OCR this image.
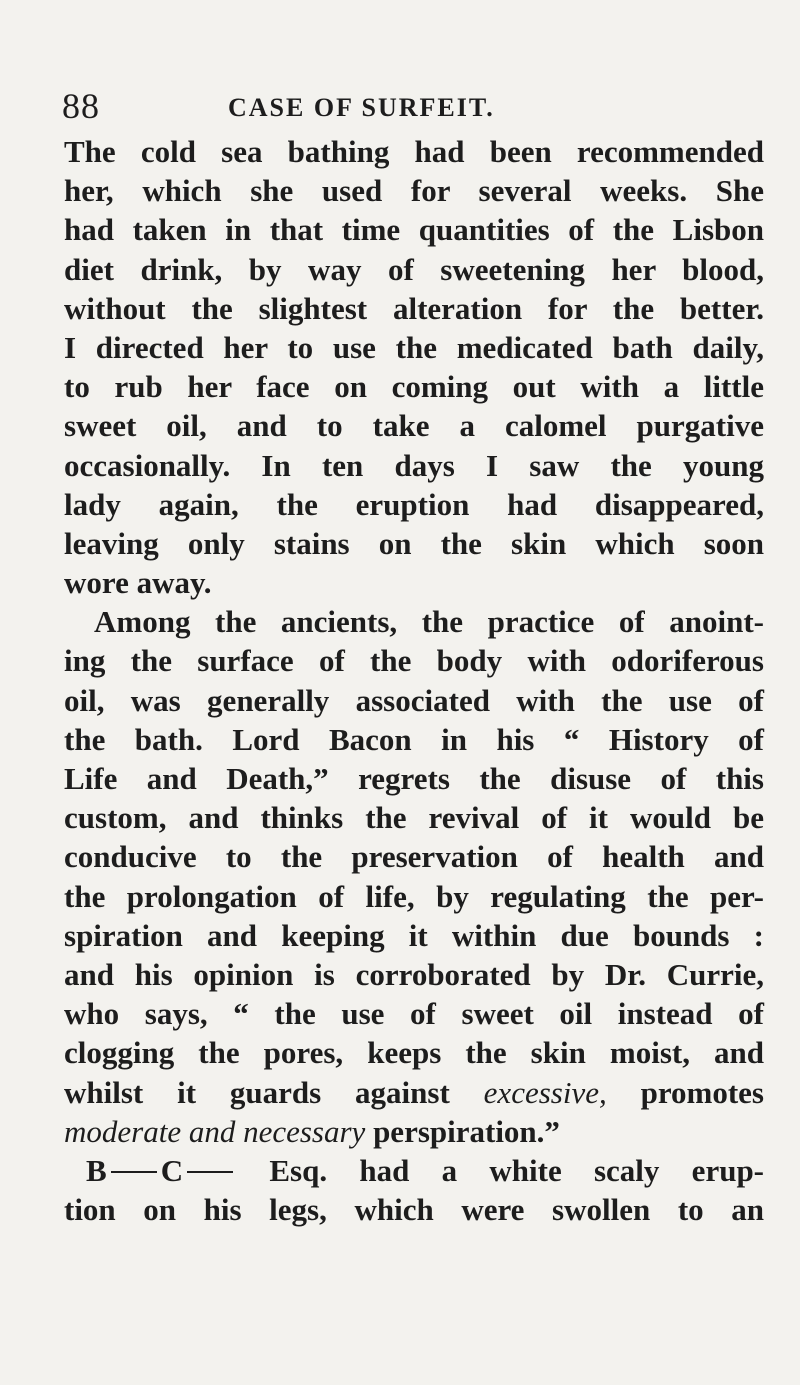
88	CASE OF SURFEIT.
The cold sea bathing had been recommended
her, which she used for several weeks. She
had taken in that time quantities of the Lisbon
diet drink, by way of sweetening her blood,
without the slightest alteration for the better.
I directed her to use the medicated bath daily,
to rub her face on coming out with a little
sweet oil, and to take a calomel purgative
occasionally. In ten days I saw the young
lady again, the eruption had disappeared,
leaving only stains on the skin which soon
wore away.
Among the ancients, the practice of anoint-
ing the surface of the body with odoriferous
oil, was generally associated with the use of
the bath. Lord Bacon in his “ History of
Life and Death,” regrets the disuse of this
custom, and thinks the revival of it would be
conducive to the preservation of health and
the prolongation of life, by regulating the per-
spiration and keeping it within due bounds :
and his opinion is corroborated by Dr. Currie,
who says, “ the use of sweet oil instead of
clogging the pores, keeps the skin moist, and
whilst it guards against excessive, promotes
moderate and necessary perspiration.”
B C	Esq. had a white scaly erup-
tion on his legs, which were swollen to an
